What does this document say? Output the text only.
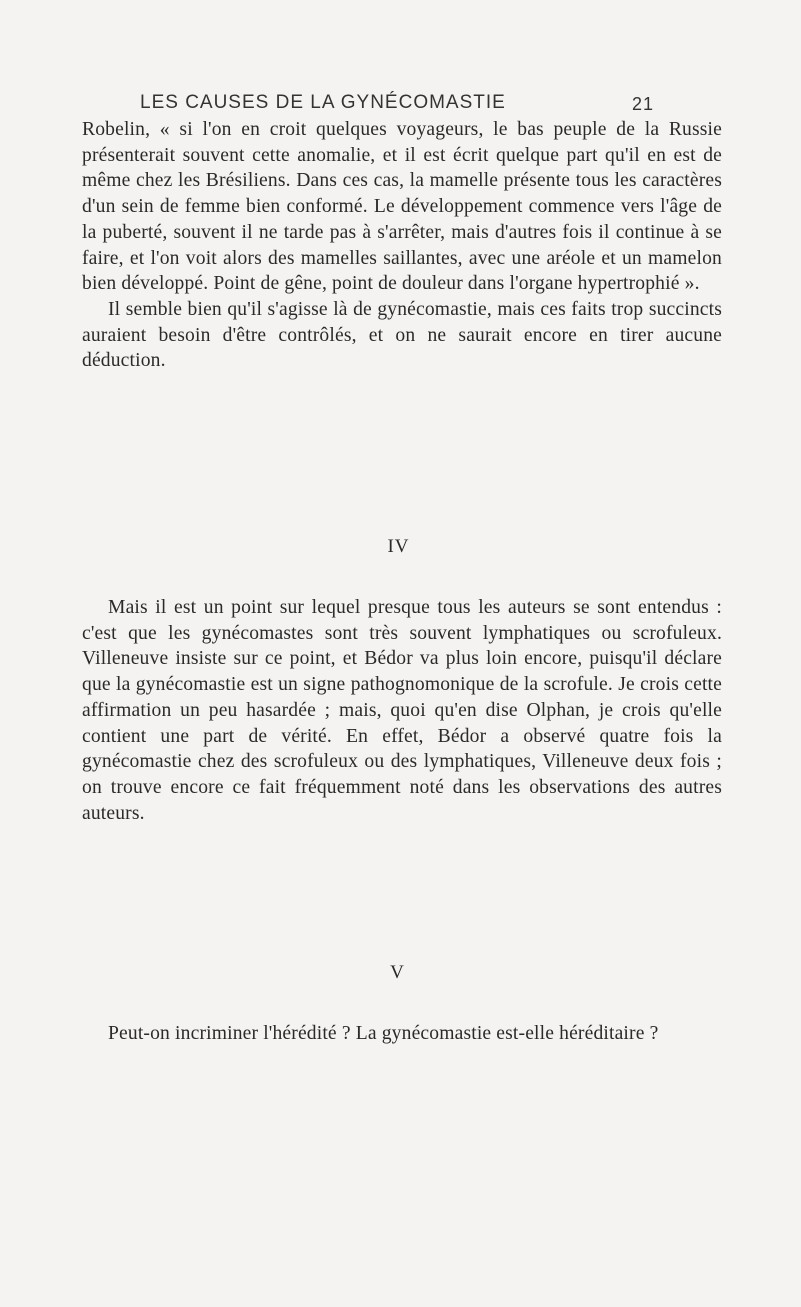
LES CAUSES DE LA GYNÉCOMASTIE	21

Robelin, « si l'on en croit quelques voyageurs, le bas peuple de la Russie présenterait souvent cette anomalie, et il est écrit quelque part qu'il en est de même chez les Brésiliens. Dans ces cas, la mamelle présente tous les caractères d'un sein de femme bien conformé. Le développement commence vers l'âge de la puberté, souvent il ne tarde pas à s'arrêter, mais d'autres fois il continue à se faire, et l'on voit alors des mamelles saillantes, avec une aréole et un mamelon bien développé. Point de gêne, point de douleur dans l'organe hypertrophié ».

Il semble bien qu'il s'agisse là de gynécomastie, mais ces faits trop succincts auraient besoin d'être contrôlés, et on ne saurait encore en tirer aucune déduction.

IV

Mais il est un point sur lequel presque tous les auteurs se sont entendus : c'est que les gynécomastes sont très souvent lymphatiques ou scrofuleux. Villeneuve insiste sur ce point, et Bédor va plus loin encore, puisqu'il déclare que la gynécomastie est un signe pathognomonique de la scrofule. Je crois cette affirmation un peu hasardée ; mais, quoi qu'en dise Olphan, je crois qu'elle contient une part de vérité. En effet, Bédor a observé quatre fois la gynécomastie chez des scrofuleux ou des lymphatiques, Villeneuve deux fois ; on trouve encore ce fait fréquemment noté dans les observations des autres auteurs.

V

Peut-on incriminer l'hérédité ? La gynécomastie est-elle héréditaire ?
